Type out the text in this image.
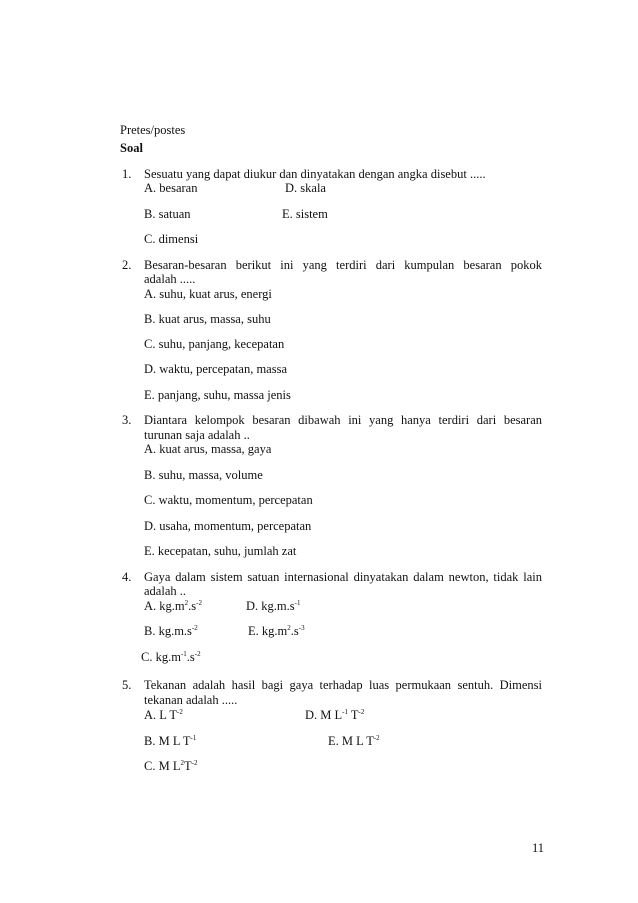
Pretes/postes
Soal
1. Sesuatu yang dapat diukur dan dinyatakan dengan angka disebut .....
A. besaran	D. skala
B. satuan	E. sistem
C. dimensi
2. Besaran-besaran berikut ini yang terdiri dari kumpulan besaran pokok
adalah .....
A. suhu, kuat arus, energi
B. kuat arus, massa, suhu
C. suhu, panjang, kecepatan
D. waktu, percepatan, massa
E. panjang, suhu, massa jenis
3. Diantara kelompok besaran dibawah ini yang hanya terdiri dari besaran
turunan saja adalah ..
A. kuat arus, massa, gaya
B. suhu, massa, volume
C. waktu, momentum, percepatan
D. usaha, momentum, percepatan
E. kecepatan, suhu, jumlah zat
4. Gaya dalam sistem satuan internasional dinyatakan dalam newton, tidak lain
adalah ..
A. $kg.m^2.s^{-2}$	D. $kg.m.s^{-1}$
B. $kg.m.s^{-2}$	E. $kg.m^2.s^{-3}$
C. $kg.m^{-1}.s^{-2}$
5. Tekanan adalah hasil bagi gaya terhadap luas permukaan sentuh. Dimensi
tekanan adalah .....
A. L $T^{-2}$	D. M $L^{-1}$ $T^{-2}$
B. M L $T^{-1}$	E. M L $T^{-2}$
C. M $L^2T^{-2}$
11
